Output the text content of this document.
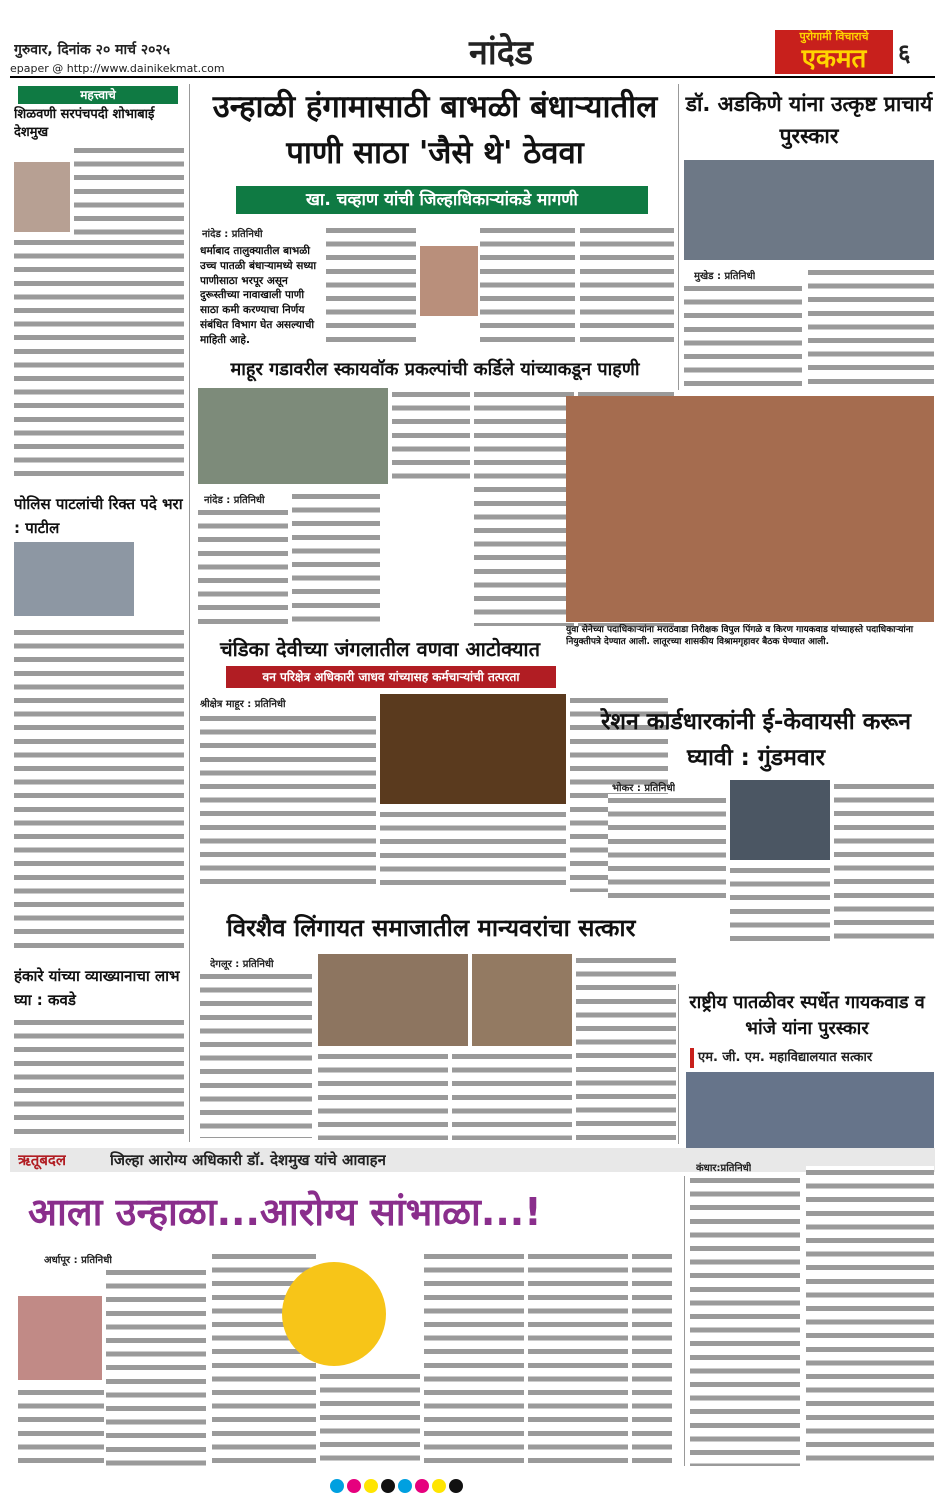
गुरुवार, दिनांक २० मार्च २०२५
epaper @ http://www.dainikekmat.com	नांदेड	पुरोगामी विचाराचे
एकमत	६
महत्त्वाचे
शिळवणी सरपंचपदी शोभाबाई देशमुख
पोलिस पाटलांची रिक्त पदे भरा : पाटील
हंकारे यांच्या व्याख्यानाचा लाभ घ्या : कवडे
उन्हाळी हंगामासाठी बाभळी बंधाऱ्यातील पाणी साठा 'जैसे थे' ठेववा
खा. चव्हाण यांची जिल्हाधिकाऱ्यांकडे मागणी
नांदेड : प्रतिनिधी
धर्माबाद तालुक्यातील बाभळी उच्च पातळी बंधाऱ्यामध्ये सध्या पाणीसाठा भरपूर असून दुरूस्तीच्या नावाखाली पाणी साठा कमी करण्याचा निर्णय संबंधित विभाग घेत असल्याची माहिती आहे.
डॉ. अडकिणे यांना उत्कृष्ट प्राचार्य पुरस्कार
मुखेड : प्रतिनिधी
माहूर गडावरील स्कायवॉक प्रकल्पांची कर्डिले यांच्याकडून पाहणी
नांदेड : प्रतिनिधी
युवा सेनेच्या पदाधिकाऱ्यांना मराठवाडा निरीक्षक विपुल पिंगळे व किरण गायकवाड यांच्याहस्ते पदाधिकाऱ्यांना नियुक्तीपत्रे देण्यात आली. लातूरच्या शासकीय विश्रामगृहावर बैठक घेण्यात आली.
चंडिका देवीच्या जंगलातील वणवा आटोक्यात
वन परिक्षेत्र अधिकारी जाधव यांच्यासह कर्मचाऱ्यांची तत्परता
श्रीक्षेत्र माहूर : प्रतिनिधी
रेशन कार्डधारकांनी ई-केवायसी करून घ्यावी : गुंडमवार
भोकर : प्रतिनिधी
राष्ट्रीय पातळीवर स्पर्धेत गायकवाड व भांजे यांना पुरस्कार
एम. जी. एम. महाविद्यालयात सत्कार
विरशैव लिंगायत समाजातील मान्यवरांचा सत्कार
देगलूर : प्रतिनिधी
ऋतूबदल	जिल्हा आरोग्य अधिकारी डॉ. देशमुख यांचे आवाहन
आला उन्हाळा...आरोग्य सांभाळा...!
अर्धापूर : प्रतिनिधी
कंधार:प्रतिनिधी
